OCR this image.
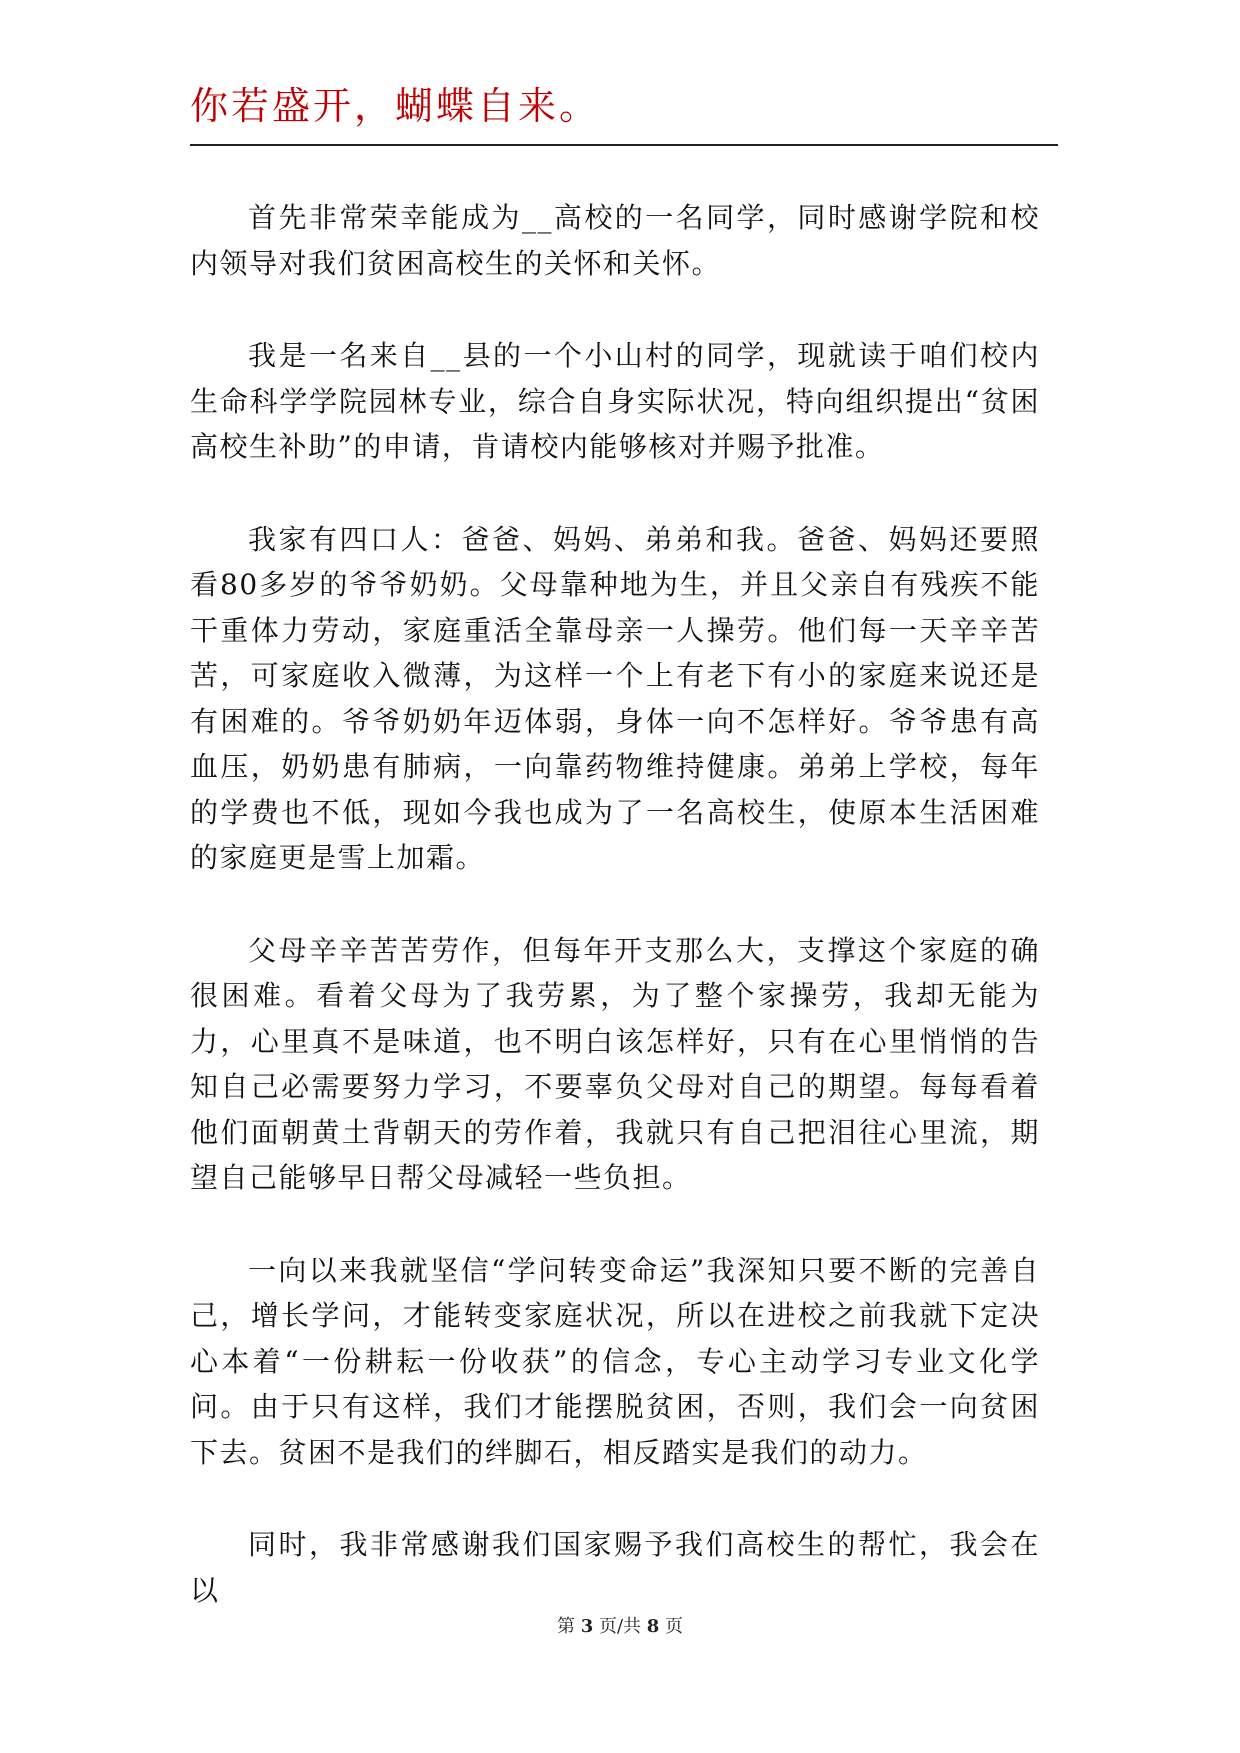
你若盛开，蝴蝶自来。

首先非常荣幸能成为__高校的一名同学，同时感谢学院和校内领导对我们贫困高校生的关怀和关怀。

我是一名来自__县的一个小山村的同学，现就读于咱们校内生命科学学院园林专业，综合自身实际状况，特向组织提出“贫困高校生补助”的申请，肯请校内能够核对并赐予批准。

我家有四口人：爸爸、妈妈、弟弟和我。爸爸、妈妈还要照看80多岁的爷爷奶奶。父母靠种地为生，并且父亲自有残疾不能干重体力劳动，家庭重活全靠母亲一人操劳。他们每一天辛辛苦苦，可家庭收入微薄，为这样一个上有老下有小的家庭来说还是有困难的。爷爷奶奶年迈体弱，身体一向不怎样好。爷爷患有高血压，奶奶患有肺病，一向靠药物维持健康。弟弟上学校，每年的学费也不低，现如今我也成为了一名高校生，使原本生活困难的家庭更是雪上加霜。

父母辛辛苦苦劳作，但每年开支那么大，支撑这个家庭的确很困难。看着父母为了我劳累，为了整个家操劳，我却无能为力，心里真不是味道，也不明白该怎样好，只有在心里悄悄的告知自己必需要努力学习，不要辜负父母对自己的期望。每每看着他们面朝黄土背朝天的劳作着，我就只有自己把泪往心里流，期望自己能够早日帮父母减轻一些负担。

一向以来我就坚信“学问转变命运”我深知只要不断的完善自己，增长学问，才能转变家庭状况，所以在进校之前我就下定决心本着“一份耕耘一份收获”的信念，专心主动学习专业文化学问。由于只有这样，我们才能摆脱贫困，否则，我们会一向贫困下去。贫困不是我们的绊脚石，相反踏实是我们的动力。

同时，我非常感谢我们国家赐予我们高校生的帮忙，我会在以

第 3 页/共 8 页
